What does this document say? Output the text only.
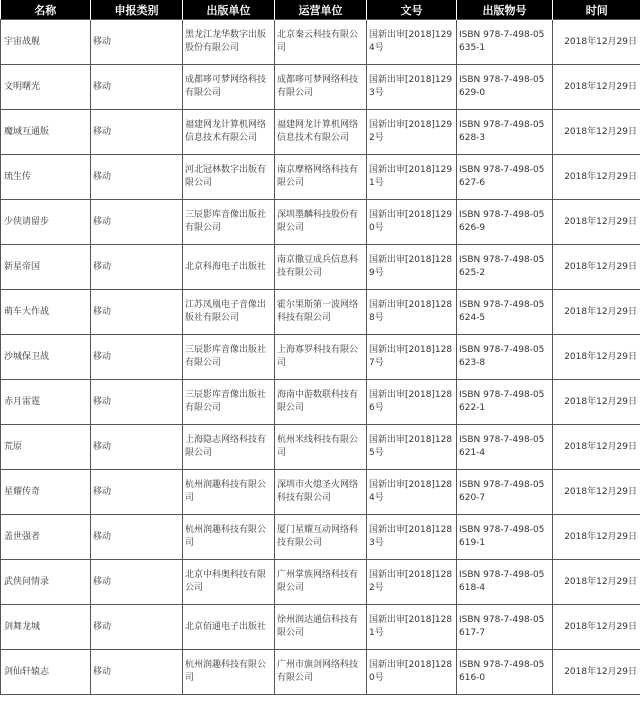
名称	申报类别	出版单位	运营单位	文号	出版物号	时间
宇宙战舰	移动	黑龙江龙华数字出版股份有限公司	北京秦云科技有限公司	国新出审[2018]1294号	ISBN 978-7-498-05635-1	2018年12月29日
文明曙光	移动	成都哆可梦网络科技有限公司	成都哆可梦网络科技有限公司	国新出审[2018]1293号	ISBN 978-7-498-05629-0	2018年12月29日
魔域互通版	移动	福建网龙计算机网络信息技术有限公司	福建网龙计算机网络信息技术有限公司	国新出审[2018]1292号	ISBN 978-7-498-05628-3	2018年12月29日
琉生传	移动	河北冠林数字出版有限公司	南京摩格网络科技有限公司	国新出审[2018]1291号	ISBN 978-7-498-05627-6	2018年12月29日
少侠请留步	移动	三辰影库音像出版社有限公司	深圳墨麟科技股份有限公司	国新出审[2018]1290号	ISBN 978-7-498-05626-9	2018年12月29日
新星帝国	移动	北京科海电子出版社	南京撒豆成兵信息科技有限公司	国新出审[2018]1289号	ISBN 978-7-498-05625-2	2018年12月29日
萌车大作战	移动	江苏凤凰电子音像出版社有限公司	霍尔果斯第一波网络科技有限公司	国新出审[2018]1288号	ISBN 978-7-498-05624-5	2018年12月29日
沙城保卫战	移动	三辰影库音像出版社有限公司	上海寡罗科技有限公司	国新出审[2018]1287号	ISBN 978-7-498-05623-8	2018年12月29日
赤月雷霆	移动	三辰影库音像出版社有限公司	海南中游数联科技有限公司	国新出审[2018]1286号	ISBN 978-7-498-05622-1	2018年12月29日
荒原	移动	上海隐志网络科技有限公司	杭州米线科技有限公司	国新出审[2018]1285号	ISBN 978-7-498-05621-4	2018年12月29日
星耀传奇	移动	杭州润趣科技有限公司	深圳市火熄圣火网络科技有限公司	国新出审[2018]1284号	ISBN 978-7-498-05620-7	2018年12月29日
盖世强者	移动	杭州润趣科技有限公司	厦门星耀互动网络科技有限公司	国新出审[2018]1283号	ISBN 978-7-498-05619-1	2018年12月29日
武侠问情录	移动	北京中科奥科技有限公司	广州掌族网络科技有限公司	国新出审[2018]1282号	ISBN 978-7-498-05618-4	2018年12月29日
剑舞龙城	移动	北京佰通电子出版社	徐州润达通信科技有限公司	国新出审[2018]1281号	ISBN 978-7-498-05617-7	2018年12月29日
剑仙轩辕志	移动	杭州润趣科技有限公司	广州市旗剑网络科技有限公司	国新出审[2018]1280号	ISBN 978-7-498-05616-0	2018年12月29日
